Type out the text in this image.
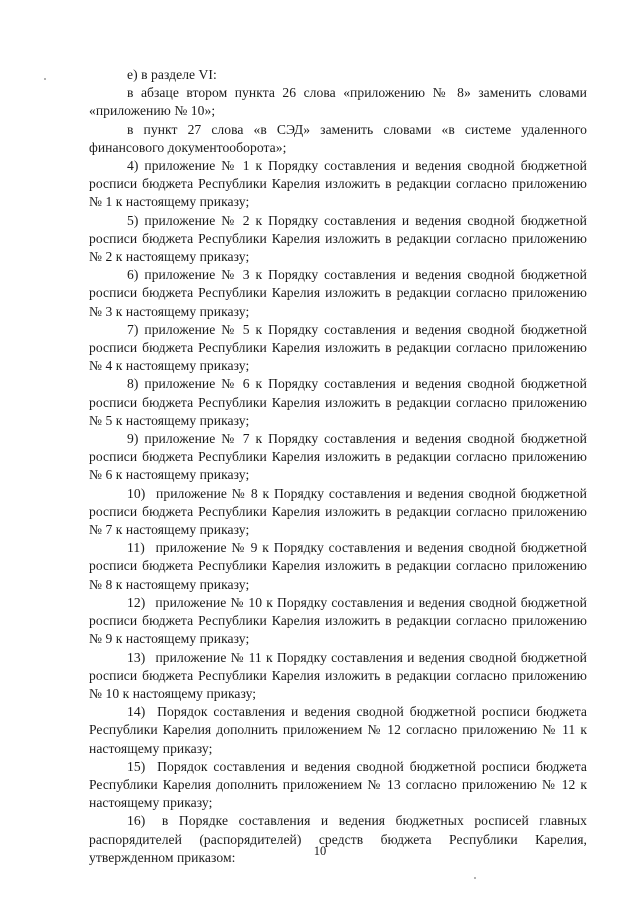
е) в разделе VI:

в абзаце втором пункта 26 слова «приложению № 8» заменить словами «приложению № 10»;

в пункт 27 слова «в СЭД» заменить словами «в системе удаленного финансового документооборота»;

4) приложение № 1 к Порядку составления и ведения сводной бюджетной росписи бюджета Республики Карелия изложить в редакции согласно приложению № 1 к настоящему приказу;

5) приложение № 2 к Порядку составления и ведения сводной бюджетной росписи бюджета Республики Карелия изложить в редакции согласно приложению № 2 к настоящему приказу;

6) приложение № 3 к Порядку составления и ведения сводной бюджетной росписи бюджета Республики Карелия изложить в редакции согласно приложению № 3 к настоящему приказу;

7) приложение № 5 к Порядку составления и ведения сводной бюджетной росписи бюджета Республики Карелия изложить в редакции согласно приложению № 4 к настоящему приказу;

8) приложение № 6 к Порядку составления и ведения сводной бюджетной росписи бюджета Республики Карелия изложить в редакции согласно приложению № 5 к настоящему приказу;

9) приложение № 7 к Порядку составления и ведения сводной бюджетной росписи бюджета Республики Карелия изложить в редакции согласно приложению № 6 к настоящему приказу;

10) приложение № 8 к Порядку составления и ведения сводной бюджетной росписи бюджета Республики Карелия изложить в редакции согласно приложению № 7 к настоящему приказу;

11) приложение № 9 к Порядку составления и ведения сводной бюджетной росписи бюджета Республики Карелия изложить в редакции согласно приложению № 8 к настоящему приказу;

12) приложение № 10 к Порядку составления и ведения сводной бюджетной росписи бюджета Республики Карелия изложить в редакции согласно приложению № 9 к настоящему приказу;

13) приложение № 11 к Порядку составления и ведения сводной бюджетной росписи бюджета Республики Карелия изложить в редакции согласно приложению № 10 к настоящему приказу;

14) Порядок составления и ведения сводной бюджетной росписи бюджета Республики Карелия дополнить приложением № 12 согласно приложению № 11 к настоящему приказу;

15) Порядок составления и ведения сводной бюджетной росписи бюджета Республики Карелия дополнить приложением № 13 согласно приложению № 12 к настоящему приказу;

16) в Порядке составления и ведения бюджетных росписей главных распорядителей (распорядителей) средств бюджета Республики Карелия, утвержденном приказом:	10
